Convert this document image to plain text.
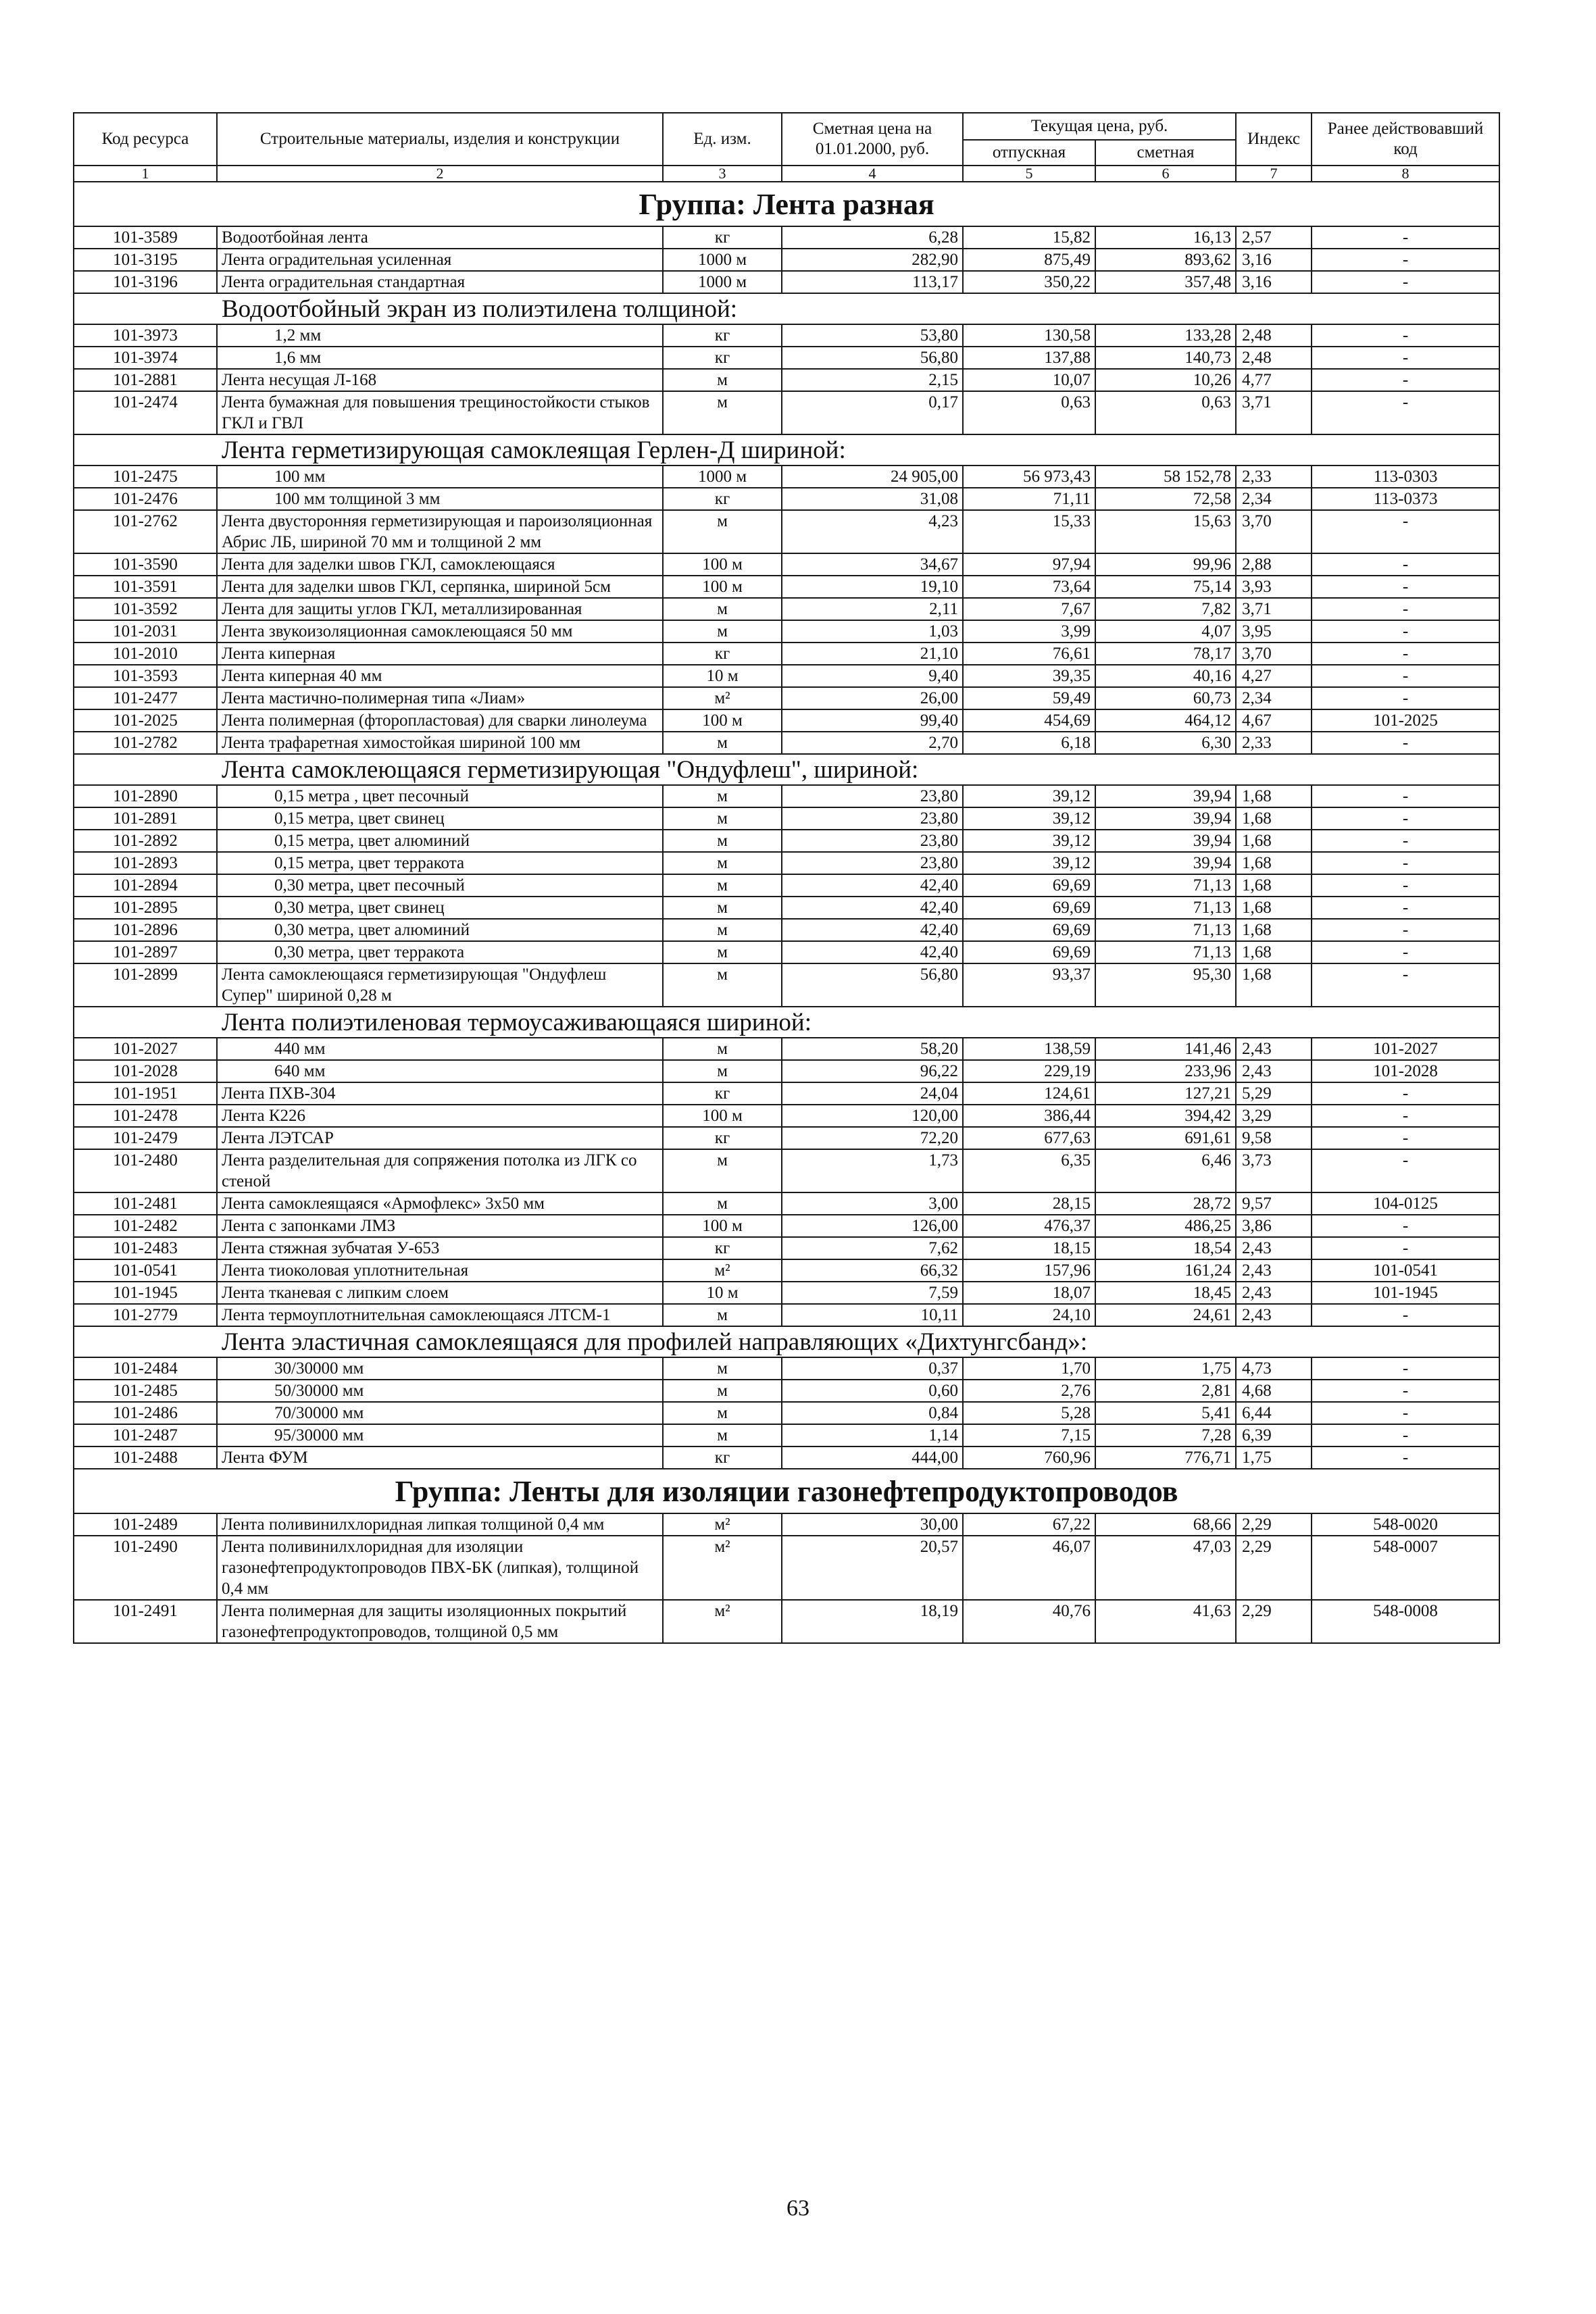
Код ресурса	Строительные материалы, изделия и конструкции	Ед. изм.	Сметная цена на 01.01.2000, руб.	Текущая цена, руб.		Индекс	Ранее действовавший код
				отпускная	сметная		
1	2	3	4	5	6	7	8
Группа: Лента разная							
101-3589	Водоотбойная лента	кг	6,28	15,82	16,13	2,57	-
101-3195	Лента оградительная усиленная	1000 м	282,90	875,49	893,62	3,16	-
101-3196	Лента оградительная стандартная	1000 м	113,17	350,22	357,48	3,16	-
Водоотбойный экран из полиэтилена толщиной:							
101-3973	1,2 мм	кг	53,80	130,58	133,28	2,48	-
101-3974	1,6 мм	кг	56,80	137,88	140,73	2,48	-
101-2881	Лента несущая Л-168	м	2,15	10,07	10,26	4,77	-
101-2474	Лента бумажная для повышения трещиностойкости стыков ГКЛ и ГВЛ	м	0,17	0,63	0,63	3,71	-
Лента герметизирующая самоклеящая Герлен-Д шириной:							
101-2475	100 мм	1000 м	24 905,00	56 973,43	58 152,78	2,33	113-0303
101-2476	100 мм толщиной 3 мм	кг	31,08	71,11	72,58	2,34	113-0373
101-2762	Лента двусторонняя герметизирующая и пароизоляционная Абрис ЛБ, шириной 70 мм и толщиной 2 мм	м	4,23	15,33	15,63	3,70	-
101-3590	Лента для заделки швов ГКЛ, самоклеющаяся	100 м	34,67	97,94	99,96	2,88	-
101-3591	Лента для заделки швов ГКЛ, серпянка, шириной 5см	100 м	19,10	73,64	75,14	3,93	-
101-3592	Лента для защиты углов ГКЛ, металлизированная	м	2,11	7,67	7,82	3,71	-
101-2031	Лента звукоизоляционная самоклеющаяся 50 мм	м	1,03	3,99	4,07	3,95	-
101-2010	Лента киперная	кг	21,10	76,61	78,17	3,70	-
101-3593	Лента киперная 40 мм	10 м	9,40	39,35	40,16	4,27	-
101-2477	Лента мастично-полимерная типа «Лиам»	м²	26,00	59,49	60,73	2,34	-
101-2025	Лента полимерная (фторопластовая) для сварки линолеума	100 м	99,40	454,69	464,12	4,67	101-2025
101-2782	Лента трафаретная химостойкая шириной 100 мм	м	2,70	6,18	6,30	2,33	-
Лента самоклеющаяся герметизирующая "Ондуфлеш", шириной:							
101-2890	0,15 метра , цвет песочный	м	23,80	39,12	39,94	1,68	-
101-2891	0,15 метра, цвет свинец	м	23,80	39,12	39,94	1,68	-
101-2892	0,15 метра, цвет алюминий	м	23,80	39,12	39,94	1,68	-
101-2893	0,15 метра, цвет терракота	м	23,80	39,12	39,94	1,68	-
101-2894	0,30 метра, цвет песочный	м	42,40	69,69	71,13	1,68	-
101-2895	0,30 метра, цвет свинец	м	42,40	69,69	71,13	1,68	-
101-2896	0,30 метра, цвет алюминий	м	42,40	69,69	71,13	1,68	-
101-2897	0,30 метра, цвет терракота	м	42,40	69,69	71,13	1,68	-
101-2899	Лента самоклеющаяся герметизирующая "Ондуфлеш Супер" шириной 0,28 м	м	56,80	93,37	95,30	1,68	-
Лента полиэтиленовая термоусаживающаяся шириной:							
101-2027	440 мм	м	58,20	138,59	141,46	2,43	101-2027
101-2028	640 мм	м	96,22	229,19	233,96	2,43	101-2028
101-1951	Лента ПХВ-304	кг	24,04	124,61	127,21	5,29	-
101-2478	Лента К226	100 м	120,00	386,44	394,42	3,29	-
101-2479	Лента ЛЭТСАР	кг	72,20	677,63	691,61	9,58	-
101-2480	Лента разделительная для сопряжения потолка из ЛГК со стеной	м	1,73	6,35	6,46	3,73	-
101-2481	Лента самоклеящаяся «Армофлекс» 3х50 мм	м	3,00	28,15	28,72	9,57	104-0125
101-2482	Лента с запонками ЛМЗ	100 м	126,00	476,37	486,25	3,86	-
101-2483	Лента стяжная зубчатая У-653	кг	7,62	18,15	18,54	2,43	-
101-0541	Лента тиоколовая уплотнительная	м²	66,32	157,96	161,24	2,43	101-0541
101-1945	Лента тканевая с липким слоем	10 м	7,59	18,07	18,45	2,43	101-1945
101-2779	Лента термоуплотнительная самоклеющаяся ЛТСМ-1	м	10,11	24,10	24,61	2,43	-
Лента эластичная самоклеящаяся для профилей направляющих «Дихтунгсбанд»:							
101-2484	30/30000 мм	м	0,37	1,70	1,75	4,73	-
101-2485	50/30000 мм	м	0,60	2,76	2,81	4,68	-
101-2486	70/30000 мм	м	0,84	5,28	5,41	6,44	-
101-2487	95/30000 мм	м	1,14	7,15	7,28	6,39	-
101-2488	Лента ФУМ	кг	444,00	760,96	776,71	1,75	-
Группа: Ленты для изоляции газонефтепродуктопроводов							
101-2489	Лента поливинилхлоридная липкая толщиной 0,4 мм	м²	30,00	67,22	68,66	2,29	548-0020
101-2490	Лента поливинилхлоридная для изоляции газонефтепродуктопроводов ПВХ-БК (липкая), толщиной 0,4 мм	м²	20,57	46,07	47,03	2,29	548-0007
101-2491	Лента полимерная для защиты изоляционных покрытий газонефтепродуктопроводов, толщиной 0,5 мм	м²	18,19	40,76	41,63	2,29	548-0008
63
